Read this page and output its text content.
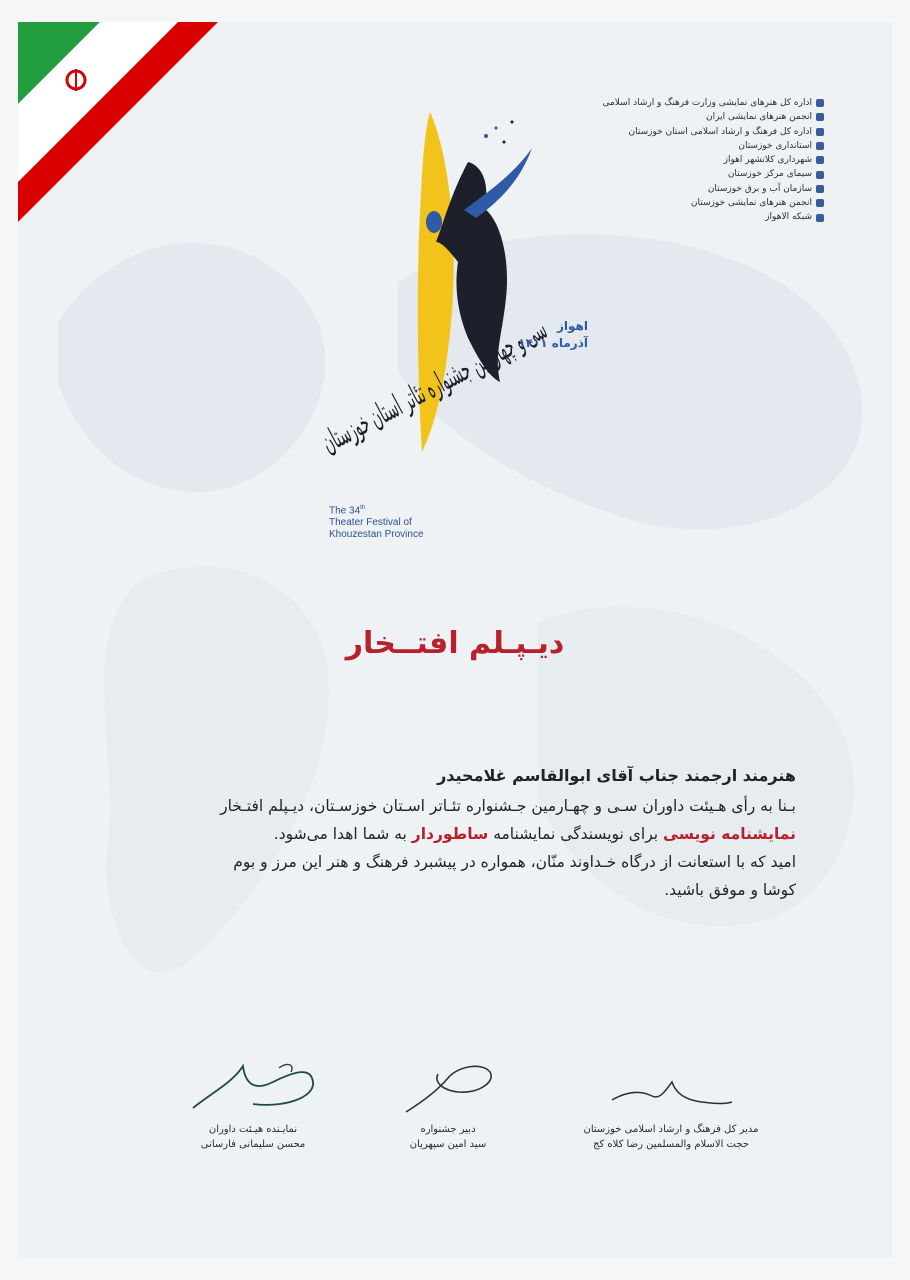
اداره کل هنرهای نمایشی وزارت فرهنگ و ارشاد اسلامی
انجمن هنرهای نمایشی ایران
اداره کل فرهنگ و ارشاد اسلامی استان خوزستان
استانداری خوزستان
شهرداری کلانشهر اهواز
سیمای مرکز خوزستان
سازمان آب و برق خوزستان
انجمن هنرهای نمایشی خوزستان
شبکه الاهواز
اهواز
آذرماه ۱۴۰۱
The 34th
Theater Festival of
Khouzestan Province
دیـپـلم افتــخار
هنرمند ارجمند جناب آقای ابوالقاسم غلامحیدر
بـنا به رأی هـیئت داوران سـی و چهـارمین جـشنواره تئـاتر اسـتان خوزسـتان، دیـپلم افتـخار
نمایشنامه نویسی برای نویسندگی نمایشنامه ساطوردار به شما اهدا می‌شود.
امید که با استعانت از درگاه خـداوند منّان، همواره در پیشبرد فرهنگ و هنر این مرز و بوم
کوشا و موفق باشید.
نمایـنده هیـئت داوران
محسن سلیمانی فارسانی
دبیر جشنواره
سید امین سپهریان
مدیر کل فرهنگ و ارشاد اسلامی خوزستان
حجت الاسلام والمسلمین رضا کلاه کج
